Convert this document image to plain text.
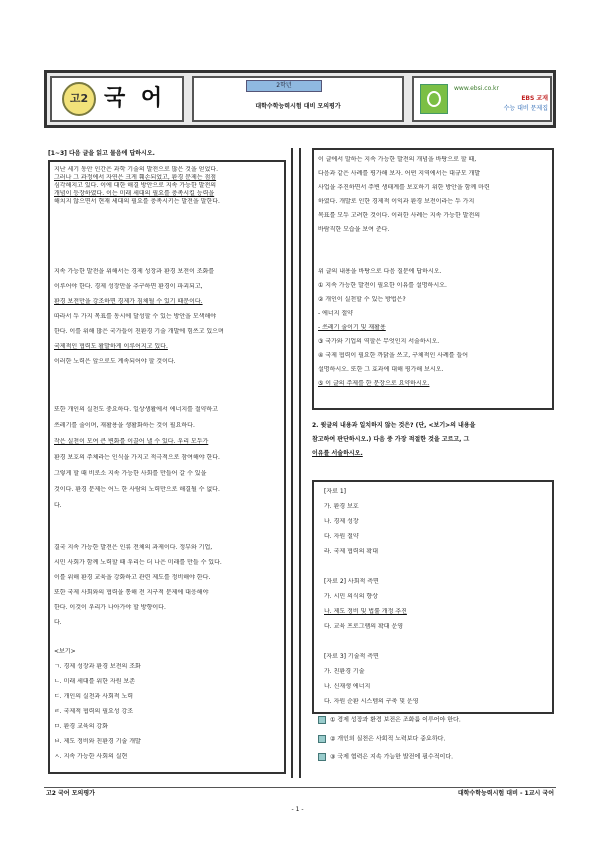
고2 국 어
2학년
대학수학능력시험 대비 모의평가
www.ebsi.co.kr
EBS 교재
수능 대비 문제집
[1~3] 다음 글을 읽고 물음에 답하시오.
지난 세기 동안 인간은 과학 기술의 발전으로 많은 것을 얻었다.
그러나 그 과정에서 자연은 크게 훼손되었고, 환경 문제는 점점
심각해지고 있다. 이에 대한 해결 방안으로 지속 가능한 발전의
개념이 등장하였다. 이는 미래 세대의 필요를 충족시킬 능력을
해치지 않으면서 현재 세대의 필요를 충족시키는 발전을 말한다.
지속 가능한 발전을 위해서는 경제 성장과 환경 보전이 조화를
이루어야 한다. 경제 성장만을 추구하면 환경이 파괴되고,
환경 보전만을 강조하면 경제가 침체될 수 있기 때문이다.
따라서 두 가지 목표를 동시에 달성할 수 있는 방안을 모색해야
한다. 이를 위해 많은 국가들이 친환경 기술 개발에 힘쓰고 있으며
국제적인 협력도 활발하게 이루어지고 있다.
이러한 노력은 앞으로도 계속되어야 할 것이다.
또한 개인의 실천도 중요하다. 일상생활에서 에너지를 절약하고
쓰레기를 줄이며, 재활용을 생활화하는 것이 필요하다.
작은 실천이 모여 큰 변화를 이끌어 낼 수 있다. 우리 모두가
환경 보호의 주체라는 인식을 가지고 적극적으로 참여해야 한다.
그렇게 할 때 비로소 지속 가능한 사회를 만들어 갈 수 있을
것이다. 환경 문제는 어느 한 사람의 노력만으로 해결될 수 없다.
다.
결국 지속 가능한 발전은 인류 전체의 과제이다. 정부와 기업,
시민 사회가 함께 노력할 때 우리는 더 나은 미래를 만들 수 있다.
이를 위해 환경 교육을 강화하고 관련 제도를 정비해야 한다.
또한 국제 사회와의 협력을 통해 전 지구적 문제에 대응해야
한다. 이것이 우리가 나아가야 할 방향이다.
다.
<보기>
ㄱ. 경제 성장과 환경 보전의 조화
ㄴ. 미래 세대를 위한 자원 보존
ㄷ. 개인의 실천과 사회적 노력
ㄹ. 국제적 협력의 필요성 강조
ㅁ. 환경 교육의 강화
ㅂ. 제도 정비와 친환경 기술 개발
ㅅ. 지속 가능한 사회의 실현
이 글에서 말하는 지속 가능한 발전의 개념을 바탕으로 할 때,
다음과 같은 사례를 평가해 보자. 어떤 지역에서는 대규모 개발
사업을 추진하면서 주변 생태계를 보호하기 위한 방안을 함께 마련
하였다. 개발로 인한 경제적 이익과 환경 보전이라는 두 가지
목표를 모두 고려한 것이다. 이러한 사례는 지속 가능한 발전의
바람직한 모습을 보여 준다.
위 글의 내용을 바탕으로 다음 질문에 답하시오.
① 지속 가능한 발전이 필요한 이유를 설명하시오.
② 개인이 실천할 수 있는 방법은?
- 에너지 절약
- 쓰레기 줄이기 및 재활용
③ 국가와 기업의 역할은 무엇인지 서술하시오.
④ 국제 협력이 필요한 까닭을 쓰고, 구체적인 사례를 들어
설명하시오. 또한 그 효과에 대해 평가해 보시오.
⑤ 이 글의 주제를 한 문장으로 요약하시오.
2. 윗글의 내용과 일치하지 않는 것은? (단, <보기>의 내용을
참고하여 판단하시오.) 다음 중 가장 적절한 것을 고르고, 그
이유를 서술하시오.
[자료 1]
가. 환경 보호
나. 경제 성장
다. 자원 절약
라. 국제 협력의 확대
[자료 2] 사회적 측면
가. 시민 의식의 향상
나. 제도 정비 및 법률 개정 추진
다. 교육 프로그램의 확대 운영
[자료 3] 기술적 측면
가. 친환경 기술
나. 신재생 에너지
다. 자원 순환 시스템의 구축 및 운영
① 경제 성장과 환경 보전은 조화를 이루어야 한다.
② 개인의 실천은 사회적 노력보다 중요하다.
③ 국제 협력은 지속 가능한 발전에 필수적이다.
고2 국어 모의평가	대학수학능력시험 대비 - 1교시 국어
- 1 -
